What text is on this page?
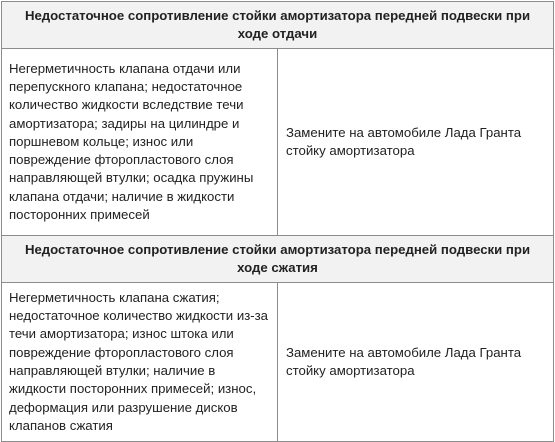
Недостаточное сопротивление стойки амортизатора передней подвески при ходе отдачи	
Негерметичность клапана отдачи или перепускного клапана; недостаточное количество жидкости вследствие течи амортизатора; задиры на цилиндре и поршневом кольце; износ или повреждение фторопластового слоя направляющей втулки; осадка пружины клапана отдачи; наличие в жидкости посторонних примесей	Замените на автомобиле Лада Гранта стойку амортизатора
Недостаточное сопротивление стойки амортизатора передней подвески при ходе сжатия	
Негерметичность клапана сжатия; недостаточное количество жидкости из-за течи амортизатора; износ штока или повреждение фторопластового слоя направляющей втулки; наличие в жидкости посторонних примесей; износ, деформация или разрушение дисков клапанов сжатия	Замените на автомобиле Лада Гранта стойку амортизатора
